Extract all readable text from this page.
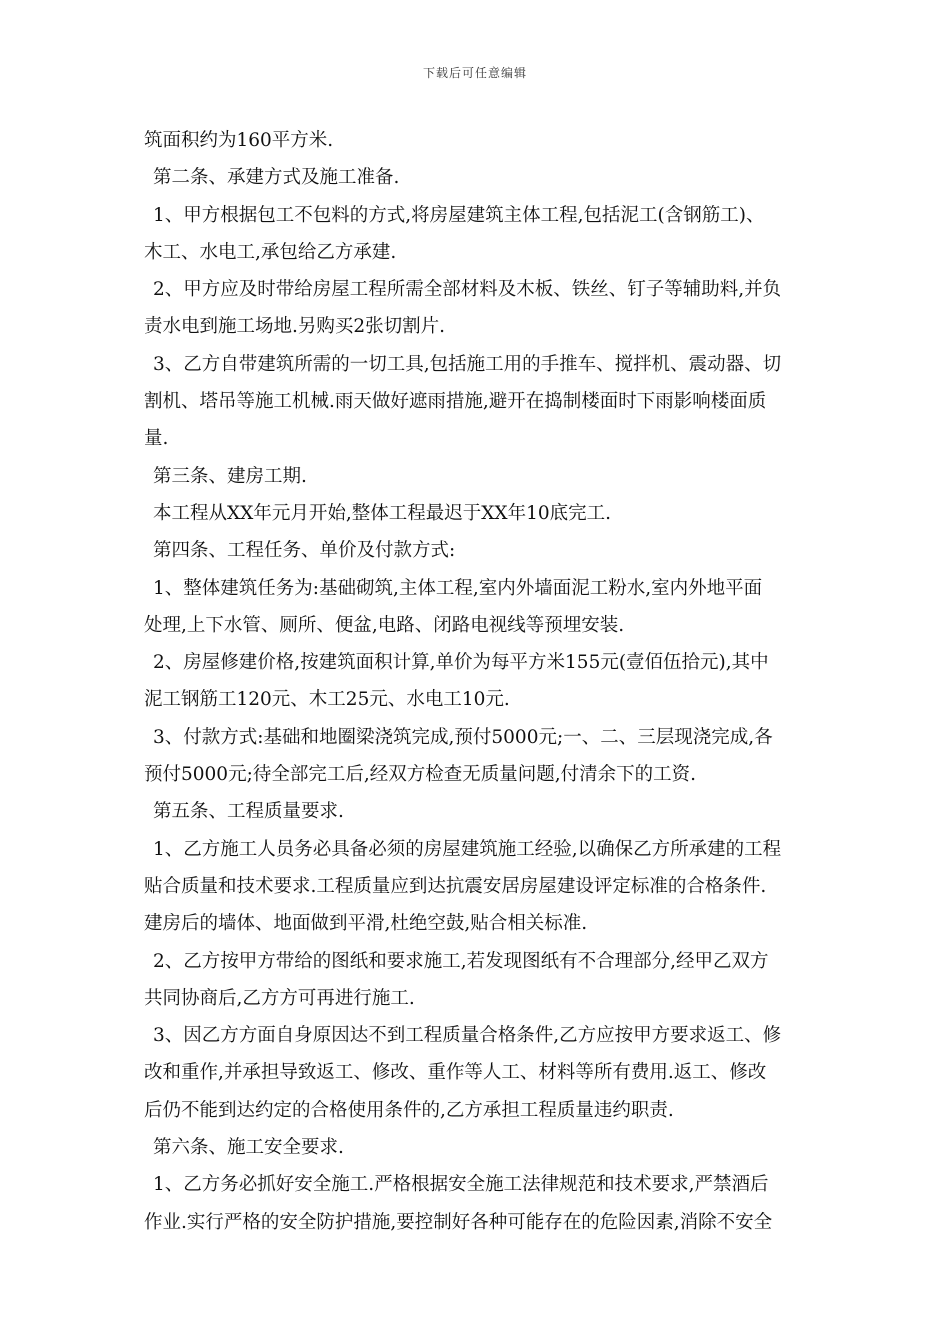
下载后可任意编辑
筑面积约为160平方米.
第二条、承建方式及施工准备.
1、甲方根据包工不包料的方式,将房屋建筑主体工程,包括泥工(含钢筋工)、
木工、水电工,承包给乙方承建.
2、甲方应及时带给房屋工程所需全部材料及木板、铁丝、钉子等辅助料,并负
责水电到施工场地.另购买2张切割片.
3、乙方自带建筑所需的一切工具,包括施工用的手推车、搅拌机、震动器、切
割机、塔吊等施工机械.雨天做好遮雨措施,避开在捣制楼面时下雨影响楼面质
量.
第三条、建房工期.
本工程从XX年元月开始,整体工程最迟于XX年10底完工.
第四条、工程任务、单价及付款方式:
1、整体建筑任务为:基础砌筑,主体工程,室内外墙面泥工粉水,室内外地平面
处理,上下水管、厕所、便盆,电路、闭路电视线等预埋安装.
2、房屋修建价格,按建筑面积计算,单价为每平方米155元(壹佰伍拾元),其中
泥工钢筋工120元、木工25元、水电工10元.
3、付款方式:基础和地圈梁浇筑完成,预付5000元;一、二、三层现浇完成,各
预付5000元;待全部完工后,经双方检查无质量问题,付清余下的工资.
第五条、工程质量要求.
1、乙方施工人员务必具备必须的房屋建筑施工经验,以确保乙方所承建的工程
贴合质量和技术要求.工程质量应到达抗震安居房屋建设评定标准的合格条件.
建房后的墙体、地面做到平滑,杜绝空鼓,贴合相关标准.
2、乙方按甲方带给的图纸和要求施工,若发现图纸有不合理部分,经甲乙双方
共同协商后,乙方方可再进行施工.
3、因乙方方面自身原因达不到工程质量合格条件,乙方应按甲方要求返工、修
改和重作,并承担导致返工、修改、重作等人工、材料等所有费用.返工、修改
后仍不能到达约定的合格使用条件的,乙方承担工程质量违约职责.
第六条、施工安全要求.
1、乙方务必抓好安全施工.严格根据安全施工法律规范和技术要求,严禁酒后
作业.实行严格的安全防护措施,要控制好各种可能存在的危险因素,消除不安全
